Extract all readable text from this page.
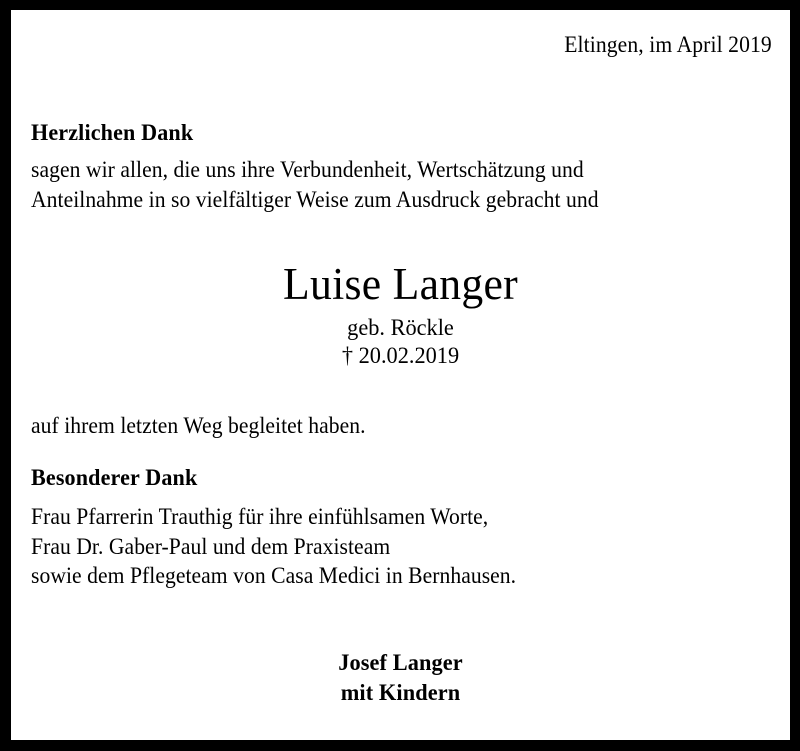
Eltingen, im April 2019
Herzlichen Dank
sagen wir allen, die uns ihre Verbundenheit, Wertschätzung und
Anteilnahme in so vielfältiger Weise zum Ausdruck gebracht und
Luise Langer
geb. Röckle
† 20.02.2019
auf ihrem letzten Weg begleitet haben.
Besonderer Dank
Frau Pfarrerin Trauthig für ihre einfühlsamen Worte,
Frau Dr. Gaber-Paul und dem Praxisteam
sowie dem Pflegeteam von Casa Medici in Bernhausen.
Josef Langer
mit Kindern
